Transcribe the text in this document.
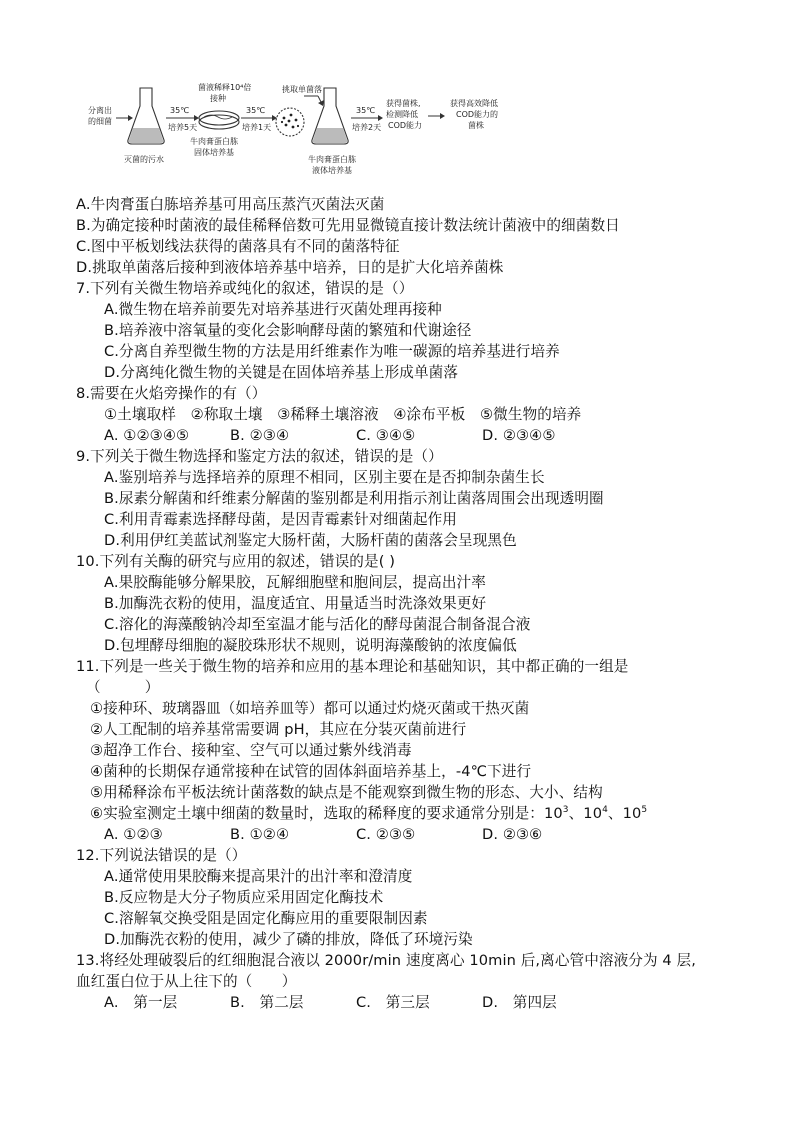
分离出
的细菌
灭菌的污水
35℃
培养5天
菌液稀释10⁴倍
接种
牛肉膏蛋白胨
固体培养基
35℃
培养1天
挑取单菌落
牛肉膏蛋白胨
液体培养基
35℃
培养2天
获得菌株,
检测降低
COD能力
获得高效降低
COD能力的
菌株
A.牛肉膏蛋白胨培养基可用高压蒸汽灭菌法灭菌
B.为确定接种时菌液的最佳稀释倍数可先用显微镜直接计数法统计菌液中的细菌数日
C.图中平板划线法获得的菌落具有不同的菌落特征
D.挑取单菌落后接种到液体培养基中培养，日的是扩大化培养菌株
7.下列有关微生物培养或纯化的叙述，错误的是（）
A.微生物在培养前要先对培养基进行灭菌处理再接种
B.培养液中溶氧量的变化会影响酵母菌的繁殖和代谢途径
C.分离自养型微生物的方法是用纤维素作为唯一碳源的培养基进行培养
D.分离纯化微生物的关键是在固体培养基上形成单菌落
8.需要在火焰旁操作的有（）
①土壤取样　②称取土壤　③稀释土壤溶液　④涂布平板　⑤微生物的培养
A. ①②③④⑤	B. ②③④	C. ③④⑤	D. ②③④⑤
9.下列关于微生物选择和鉴定方法的叙述，错误的是（）
A.鉴别培养与选择培养的原理不相同，区别主要在是否抑制杂菌生长
B.尿素分解菌和纤维素分解菌的鉴别都是利用指示剂让菌落周围会出现透明圈
C.利用青霉素选择酵母菌，是因青霉素针对细菌起作用
D.利用伊红美蓝试剂鉴定大肠杆菌，大肠杆菌的菌落会呈现黑色
10.下列有关酶的研究与应用的叙述，错误的是( )
A.果胶酶能够分解果胶，瓦解细胞壁和胞间层，提高出汁率
B.加酶洗衣粉的使用，温度适宜、用量适当时洗涤效果更好
C.溶化的海藻酸钠冷却至室温才能与活化的酵母菌混合制备混合液
D.包埋酵母细胞的凝胶珠形状不规则，说明海藻酸钠的浓度偏低
11.下列是一些关于微生物的培养和应用的基本理论和基础知识，其中都正确的一组是
（　　　）
①接种环、玻璃器皿（如培养皿等）都可以通过灼烧灭菌或干热灭菌
②人工配制的培养基常需要调 pH，其应在分装灭菌前进行
③超净工作台、接种室、空气可以通过紫外线消毒
④菌种的长期保存通常接种在试管的固体斜面培养基上，-4℃下进行
⑤用稀释涂布平板法统计菌落数的缺点是不能观察到微生物的形态、大小、结构
⑥实验室测定土壤中细菌的数量时，选取的稀释度的要求通常分别是：$10^3$、$10^4$、$10^5$
A. ①②③	B. ①②④	C. ②③⑤	D. ②③⑥
12.下列说法错误的是（）
A.通常使用果胶酶来提高果汁的出汁率和澄清度
B.反应物是大分子物质应采用固定化酶技术
C.溶解氧交换受阻是固定化酶应用的重要限制因素
D.加酶洗衣粉的使用，减少了磷的排放，降低了环境污染
13.将经处理破裂后的红细胞混合液以 2000r/min 速度离心 10min 后,离心管中溶液分为 4 层,
血红蛋白位于从上往下的（　　）
A.　第一层	B.　第二层	C.　第三层	D.　第四层
